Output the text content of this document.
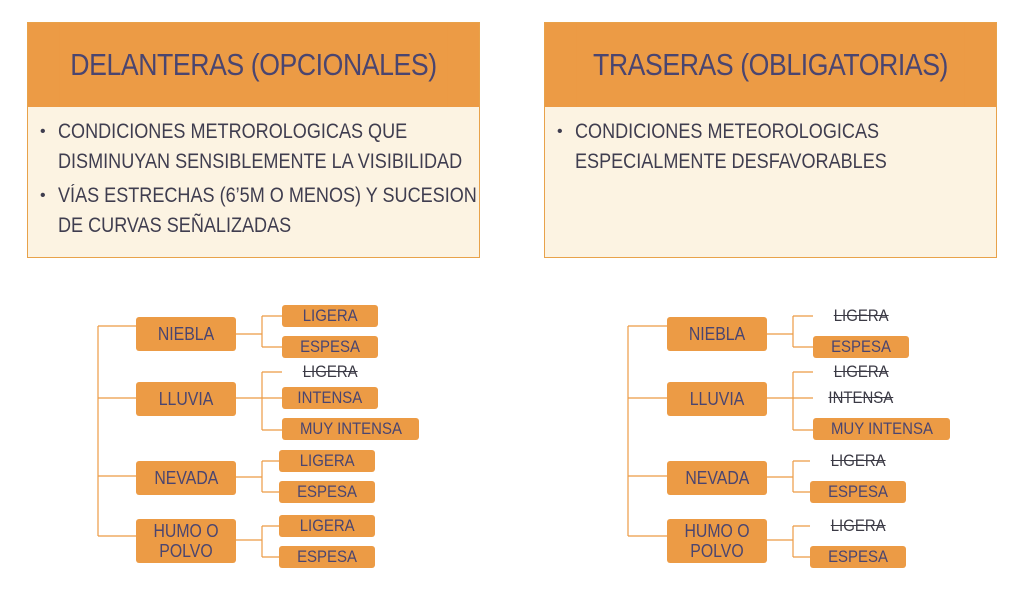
DELANTERAS (OPCIONALES)
• CONDICIONES METROROLOGICAS QUE DISMINUYAN SENSIBLEMENTE LA VISIBILIDAD
• VÍAS ESTRECHAS (6’5M O MENOS) Y SUCESION DE CURVAS SEÑALIZADAS
TRASERAS (OBLIGATORIAS)
• CONDICIONES METEOROLOGICAS ESPECIALMENTE DESFAVORABLES
NIEBLA
LLUVIA
NEVADA
HUMO O POLVO
LIGERA
ESPESA
LIGERA
INTENSA
MUY INTENSA
LIGERA
ESPESA
LIGERA
ESPESA
NIEBLA
LLUVIA
NEVADA
HUMO O POLVO
LIGERA
ESPESA
LIGERA
INTENSA
MUY INTENSA
LIGERA
ESPESA
LIGERA
ESPESA
